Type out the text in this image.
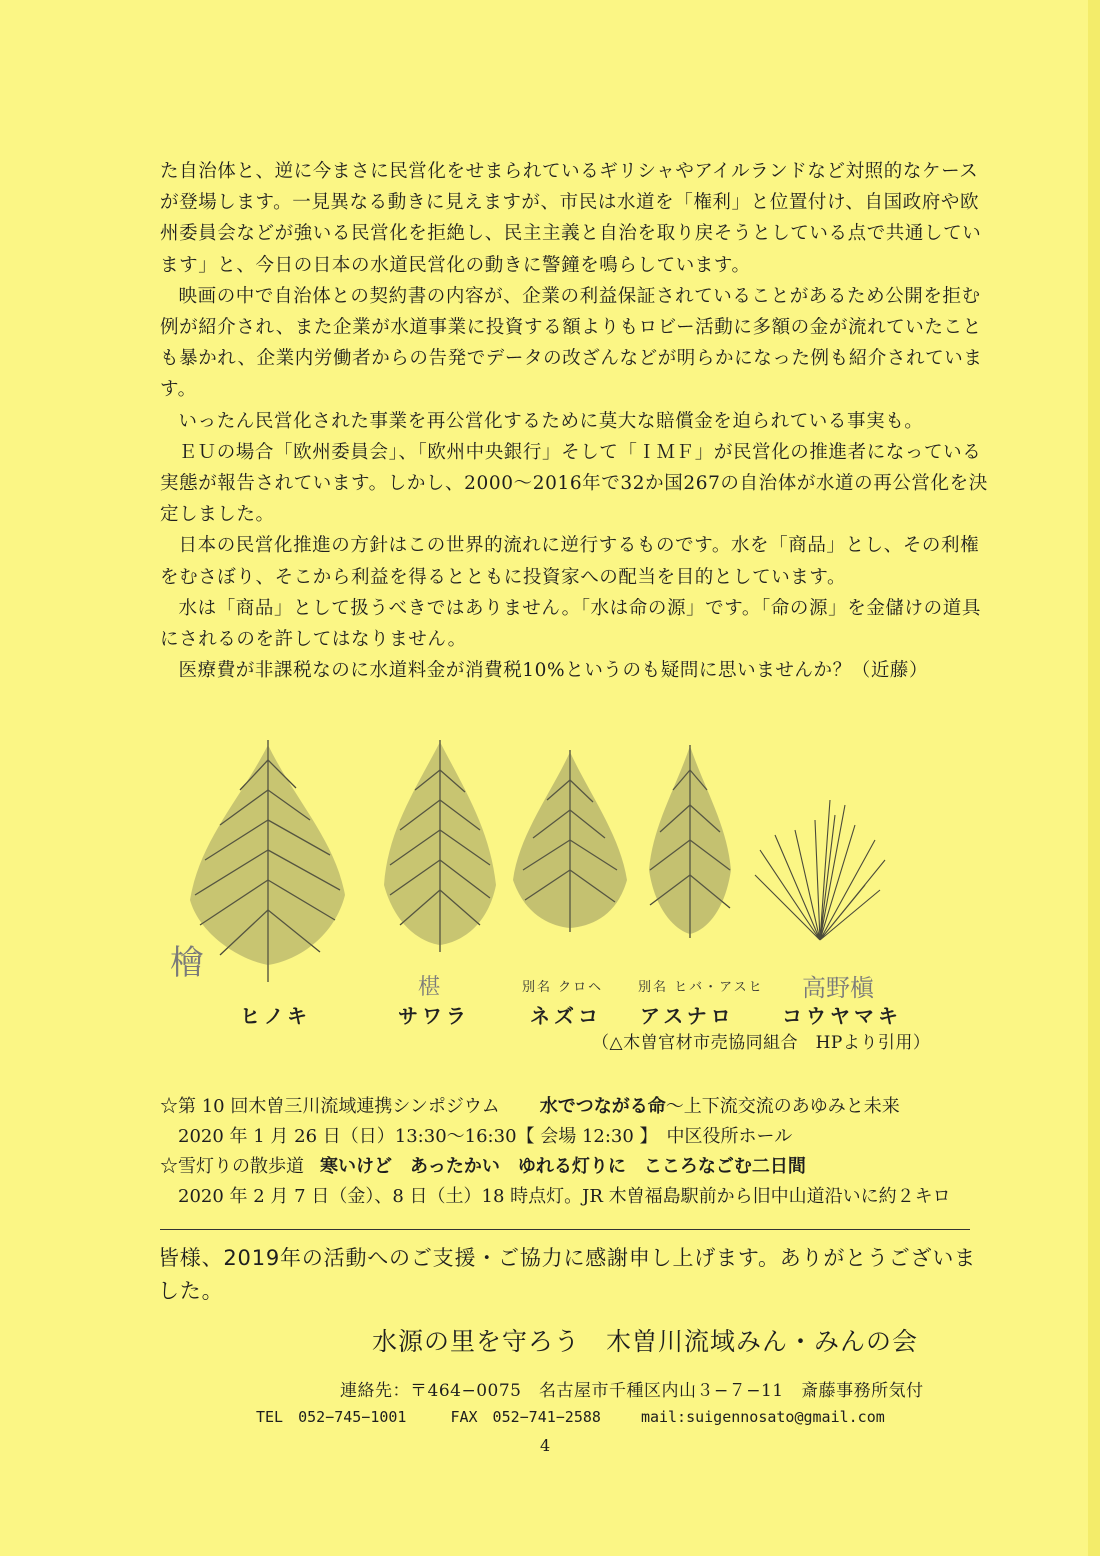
た自治体と、逆に今まさに民営化をせまられているギリシャやアイルランドなど対照的なケースが登場します。一見異なる動きに見えますが、市民は水道を「権利」と位置付け、自国政府や欧州委員会などが強いる民営化を拒絶し、民主主義と自治を取り戻そうとしている点で共通しています」と、今日の日本の水道民営化の動きに警鐘を鳴らしています。

映画の中で自治体との契約書の内容が、企業の利益保証されていることがあるため公開を拒む例が紹介され、また企業が水道事業に投資する額よりもロビー活動に多額の金が流れていたことも暴かれ、企業内労働者からの告発でデータの改ざんなどが明らかになった例も紹介されています。

いったん民営化された事業を再公営化するために莫大な賠償金を迫られている事実も。

ＥＵの場合「欧州委員会」、「欧州中央銀行」そして「ＩＭＦ」が民営化の推進者になっている実態が報告されています。しかし、2000〜2016年で32か国267の自治体が水道の再公営化を決定しました。

日本の民営化推進の方針はこの世界的流れに逆行するものです。水を「商品」とし、その利権をむさぼり、そこから利益を得るとともに投資家への配当を目的としています。

水は「商品」として扱うべきではありません。「水は命の源」です。「命の源」を金儲けの道具にされるのを許してはなりません。

医療費が非課税なのに水道料金が消費税10%というのも疑問に思いませんか？（近藤）

檜
ヒノキ
椹
サワラ
別名 クロヘ
ネズコ
別名 ヒバ・アスヒ
アスナロ
高野槇
コウヤマキ
（△木曽官材市売協同組合　HPより引用）
☆第 10 回木曽三川流域連携シンポジウム 水でつながる命〜上下流交流のあゆみと未来
2020 年 1 月 26 日（日）13:30〜16:30【 会場 12:30 】　中区役所ホール
☆雪灯りの散歩道 寒いけど　あったかい　ゆれる灯りに　こころなごむ二日間
2020 年 2 月 7 日（金）、8 日（土）18 時点灯。JR 木曽福島駅前から旧中山道沿いに約２キロ
皆様、2019年の活動へのご支援・ご協力に感謝申し上げます。ありがとうございました。
水源の里を守ろう　木曽川流域みん・みんの会
連絡先：〒464−0075　名古屋市千種区内山３−７−11　斎藤事務所気付
TEL　052−745−1001	FAX　052−741−2588	mail:suigennosato@gmail.com
4
